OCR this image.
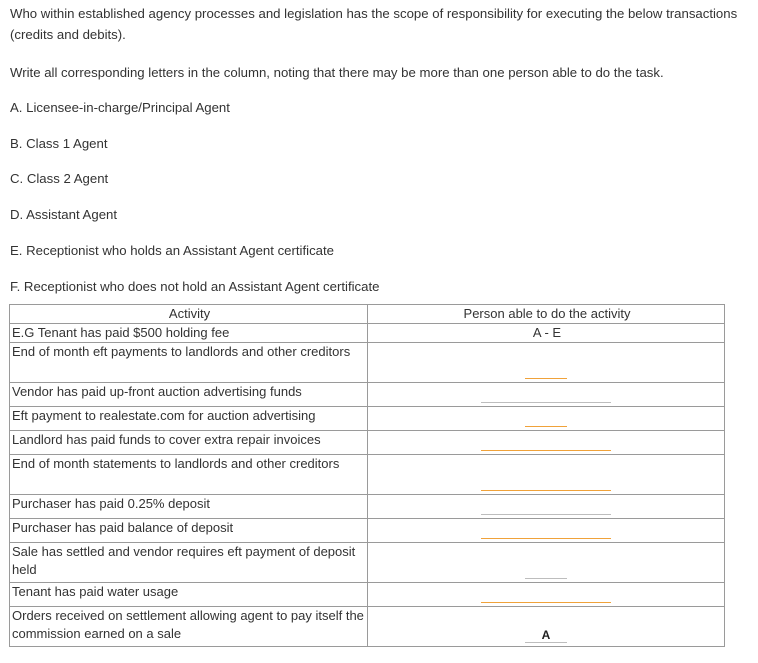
Who within established agency processes and legislation has the scope of responsibility for executing the below transactions (credits and debits).

Write all corresponding letters in the column, noting that there may be more than one person able to do the task.

A. Licensee-in-charge/Principal Agent
B. Class 1 Agent
C. Class 2 Agent
D. Assistant Agent
E. Receptionist who holds an Assistant Agent certificate
F. Receptionist who does not hold an Assistant Agent certificate
Activity	Person able to do the activity
E.G Tenant has paid $500 holding fee	A - E
End of month eft payments to landlords and other creditors	
Vendor has paid up-front auction advertising funds	
Eft payment to realestate.com for auction advertising	
Landlord has paid funds to cover extra repair invoices	
End of month statements to landlords and other creditors	
Purchaser has paid 0.25% deposit	
Purchaser has paid balance of deposit	
Sale has settled and vendor requires eft payment of deposit held	
Tenant has paid water usage	
Orders received on settlement allowing agent to pay itself the commission earned on a sale	A
